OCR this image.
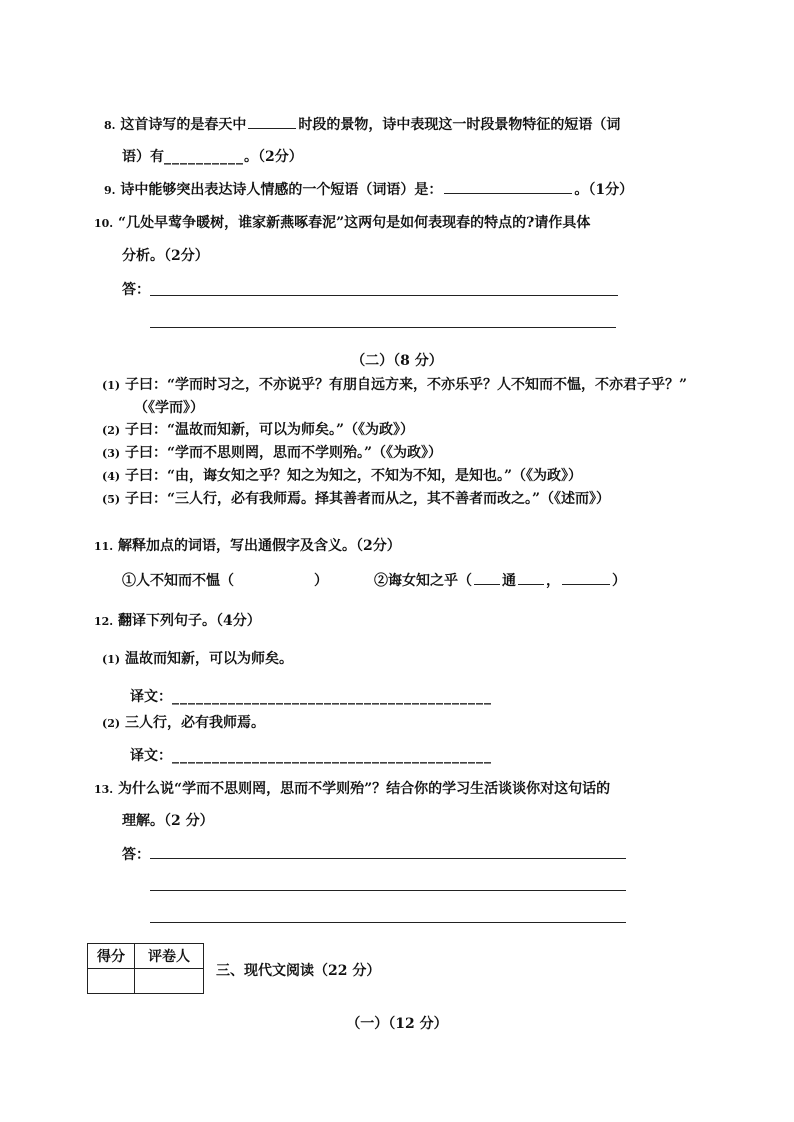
8. 这首诗写的是春天中	时段的景物，诗中表现这一时段景物特征的短语（词
语）有__________。（2分）
9. 诗中能够突出表达诗人情感的一个短语（词语）是：	。（1分）
10. “几处早莺争暖树，谁家新燕啄春泥”这两句是如何表现春的特点的?请作具体
分析。（2分）
答：
（二）（8 分）
(1) 子曰：“学而时习之，不亦说乎？有朋自远方来，不亦乐乎？人不知而不愠，不亦君子乎？”
（《学而》）
(2) 子曰：“温故而知新，可以为师矣。”（《为政》）
(3) 子曰：“学而不思则罔，思而不学则殆。”（《为政》）
(4) 子曰：“由，诲女知之乎？知之为知之，不知为不知，是知也。”（《为政》）
(5) 子曰：“三人行，必有我师焉。择其善者而从之，其不善者而改之。”（《述而》）
11. 解释加点的词语，写出通假字及含义。（2分）
①人不知而不愠（	）	②诲女知之乎（ 通 ，	）
12. 翻译下列句子。（4分）
(1) 温故而知新，可以为师矣。
译文：________________________________________
(2) 三人行，必有我师焉。
译文：________________________________________
13. 为什么说“学而不思则罔，思而不学则殆”？结合你的学习生活谈谈你对这句话的
理解。（2 分）
答：
得分	评卷人

三、现代文阅读（22 分）
（一）（12 分）
